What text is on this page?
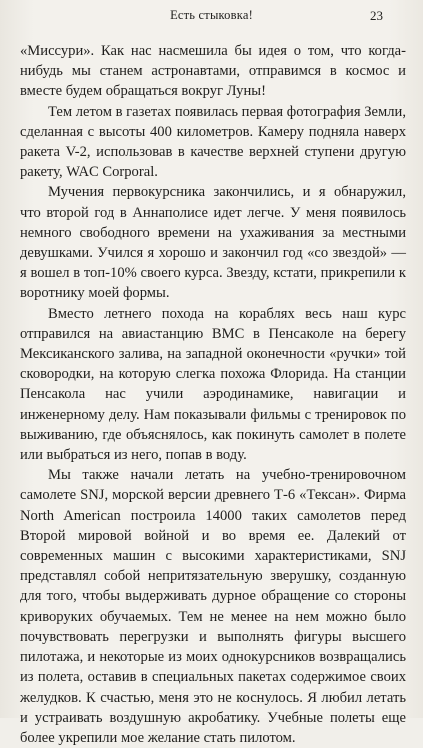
Есть стыковка!	23

«Миссури». Как нас насмешила бы идея о том, что когда-нибудь мы станем астронавтами, отправимся в космос и вместе будем обращаться вокруг Луны!

Тем летом в газетах появилась первая фотография Земли, сделанная с высоты 400 километров. Камеру подняла наверх ракета V-2, использовав в качестве верхней ступени другую ракету, WAC Corporal.

Мучения первокурсника закончились, и я обнаружил, что второй год в Аннаполисе идет легче. У меня появилось немного свободного времени на ухаживания за местными девушками. Учился я хорошо и закончил год «со звездой» — я вошел в топ-10% своего курса. Звезду, кстати, прикрепили к воротнику моей формы.

Вместо летнего похода на кораблях весь наш курс отправился на авиастанцию ВМС в Пенсаколе на берегу Мексиканского залива, на западной оконечности «ручки» той сковородки, на которую слегка похожа Флорида. На станции Пенсакола нас учили аэродинамике, навигации и инженерному делу. Нам показывали фильмы с тренировок по выживанию, где объяснялось, как покинуть самолет в полете или выбраться из него, попав в воду.

Мы также начали летать на учебно-тренировочном самолете SNJ, морской версии древнего Т-6 «Тексан». Фирма North American построила 14000 таких самолетов перед Второй мировой войной и во время ее. Далекий от современных машин с высокими характеристиками, SNJ представлял собой непритязательную зверушку, созданную для того, чтобы выдерживать дурное обращение со стороны криворуких обучаемых. Тем не менее на нем можно было почувствовать перегрузки и выполнять фигуры высшего пилотажа, и некоторые из моих однокурсников возвращались из полета, оставив в специальных пакетах содержимое своих желудков. К счастью, меня это не коснулось. Я любил летать и устраивать воздушную акробатику. Учебные полеты еще более укрепили мое желание стать пилотом.
